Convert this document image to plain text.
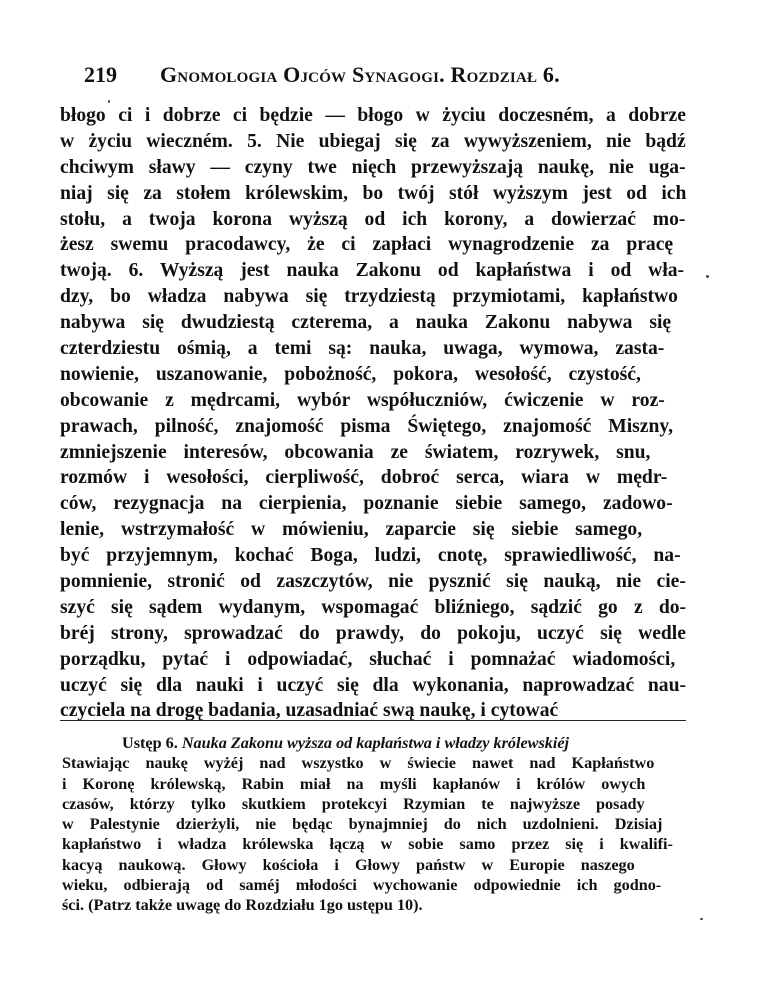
219 Gnomologia Ojców Synagogi. Rozdział 6.
błogo ci i dobrze ci będzie — błogo w życiu doczesném, a dobrze
w życiu wieczném. 5. Nie ubiegaj się za wywyższeniem, nie bądź
chciwym sławy — czyny twe nięch przewyższają naukę, nie uga-
niaj się za stołem królewskim, bo twój stół wyższym jest od ich
stołu, a twoja korona wyższą od ich korony, a dowierzać mo-
żesz swemu pracodawcy, że ci zapłaci wynagrodzenie za pracę
twoją. 6. Wyższą jest nauka Zakonu od kapłaństwa i od wła-
dzy, bo władza nabywa się trzydziestą przymiotami, kapłaństwo
nabywa się dwudziestą czterema, a nauka Zakonu nabywa się
czterdziestu ośmią, a temi są: nauka, uwaga, wymowa, zasta-
nowienie, uszanowanie, pobożność, pokora, wesołość, czystość,
obcowanie z mędrcami, wybór współuczniów, ćwiczenie w roz-
prawach, pilność, znajomość pisma Świętego, znajomość Miszny,
zmniejszenie interesów, obcowania ze światem, rozrywek, snu,
rozmów i wesołości, cierpliwość, dobroć serca, wiara w mędr-
ców, rezygnacja na cierpienia, poznanie siebie samego, zadowo-
lenie, wstrzymałość w mówieniu, zaparcie się siebie samego,
być przyjemnym, kochać Boga, ludzi, cnotę, sprawiedliwość, na-
pomnienie, stronić od zaszczytów, nie pysznić się nauką, nie cie-
szyć się sądem wydanym, wspomagać bliźniego, sądzić go z do-
bréj strony, sprowadzać do prawdy, do pokoju, uczyć się wedle
porządku, pytać i odpowiadać, słuchać i pomnażać wiadomości,
uczyć się dla nauki i uczyć się dla wykonania, naprowadzać nau-
czyciela na drogę badania, uzasadniać swą naukę, i cytować
Ustęp 6. Nauka Zakonu wyższa od kapłaństwa i władzy królewskiéj
Stawiając naukę wyżéj nad wszystko w świecie nawet nad Kapłaństwo
i Koronę królewską, Rabin miał na myśli kapłanów i królów owych
czasów, którzy tylko skutkiem protekcyi Rzymian te najwyższe posady
w Palestynie dzierżyli, nie będąc bynajmniej do nich uzdolnieni. Dzisiaj
kapłaństwo i władza królewska łączą w sobie samo przez się i kwalifi-
kacyą naukową. Głowy kościoła i Głowy państw w Europie naszego
wieku, odbierają od saméj młodości wychowanie odpowiednie ich godno-
ści. (Patrz także uwagę do Rozdziału 1go ustępu 10).
